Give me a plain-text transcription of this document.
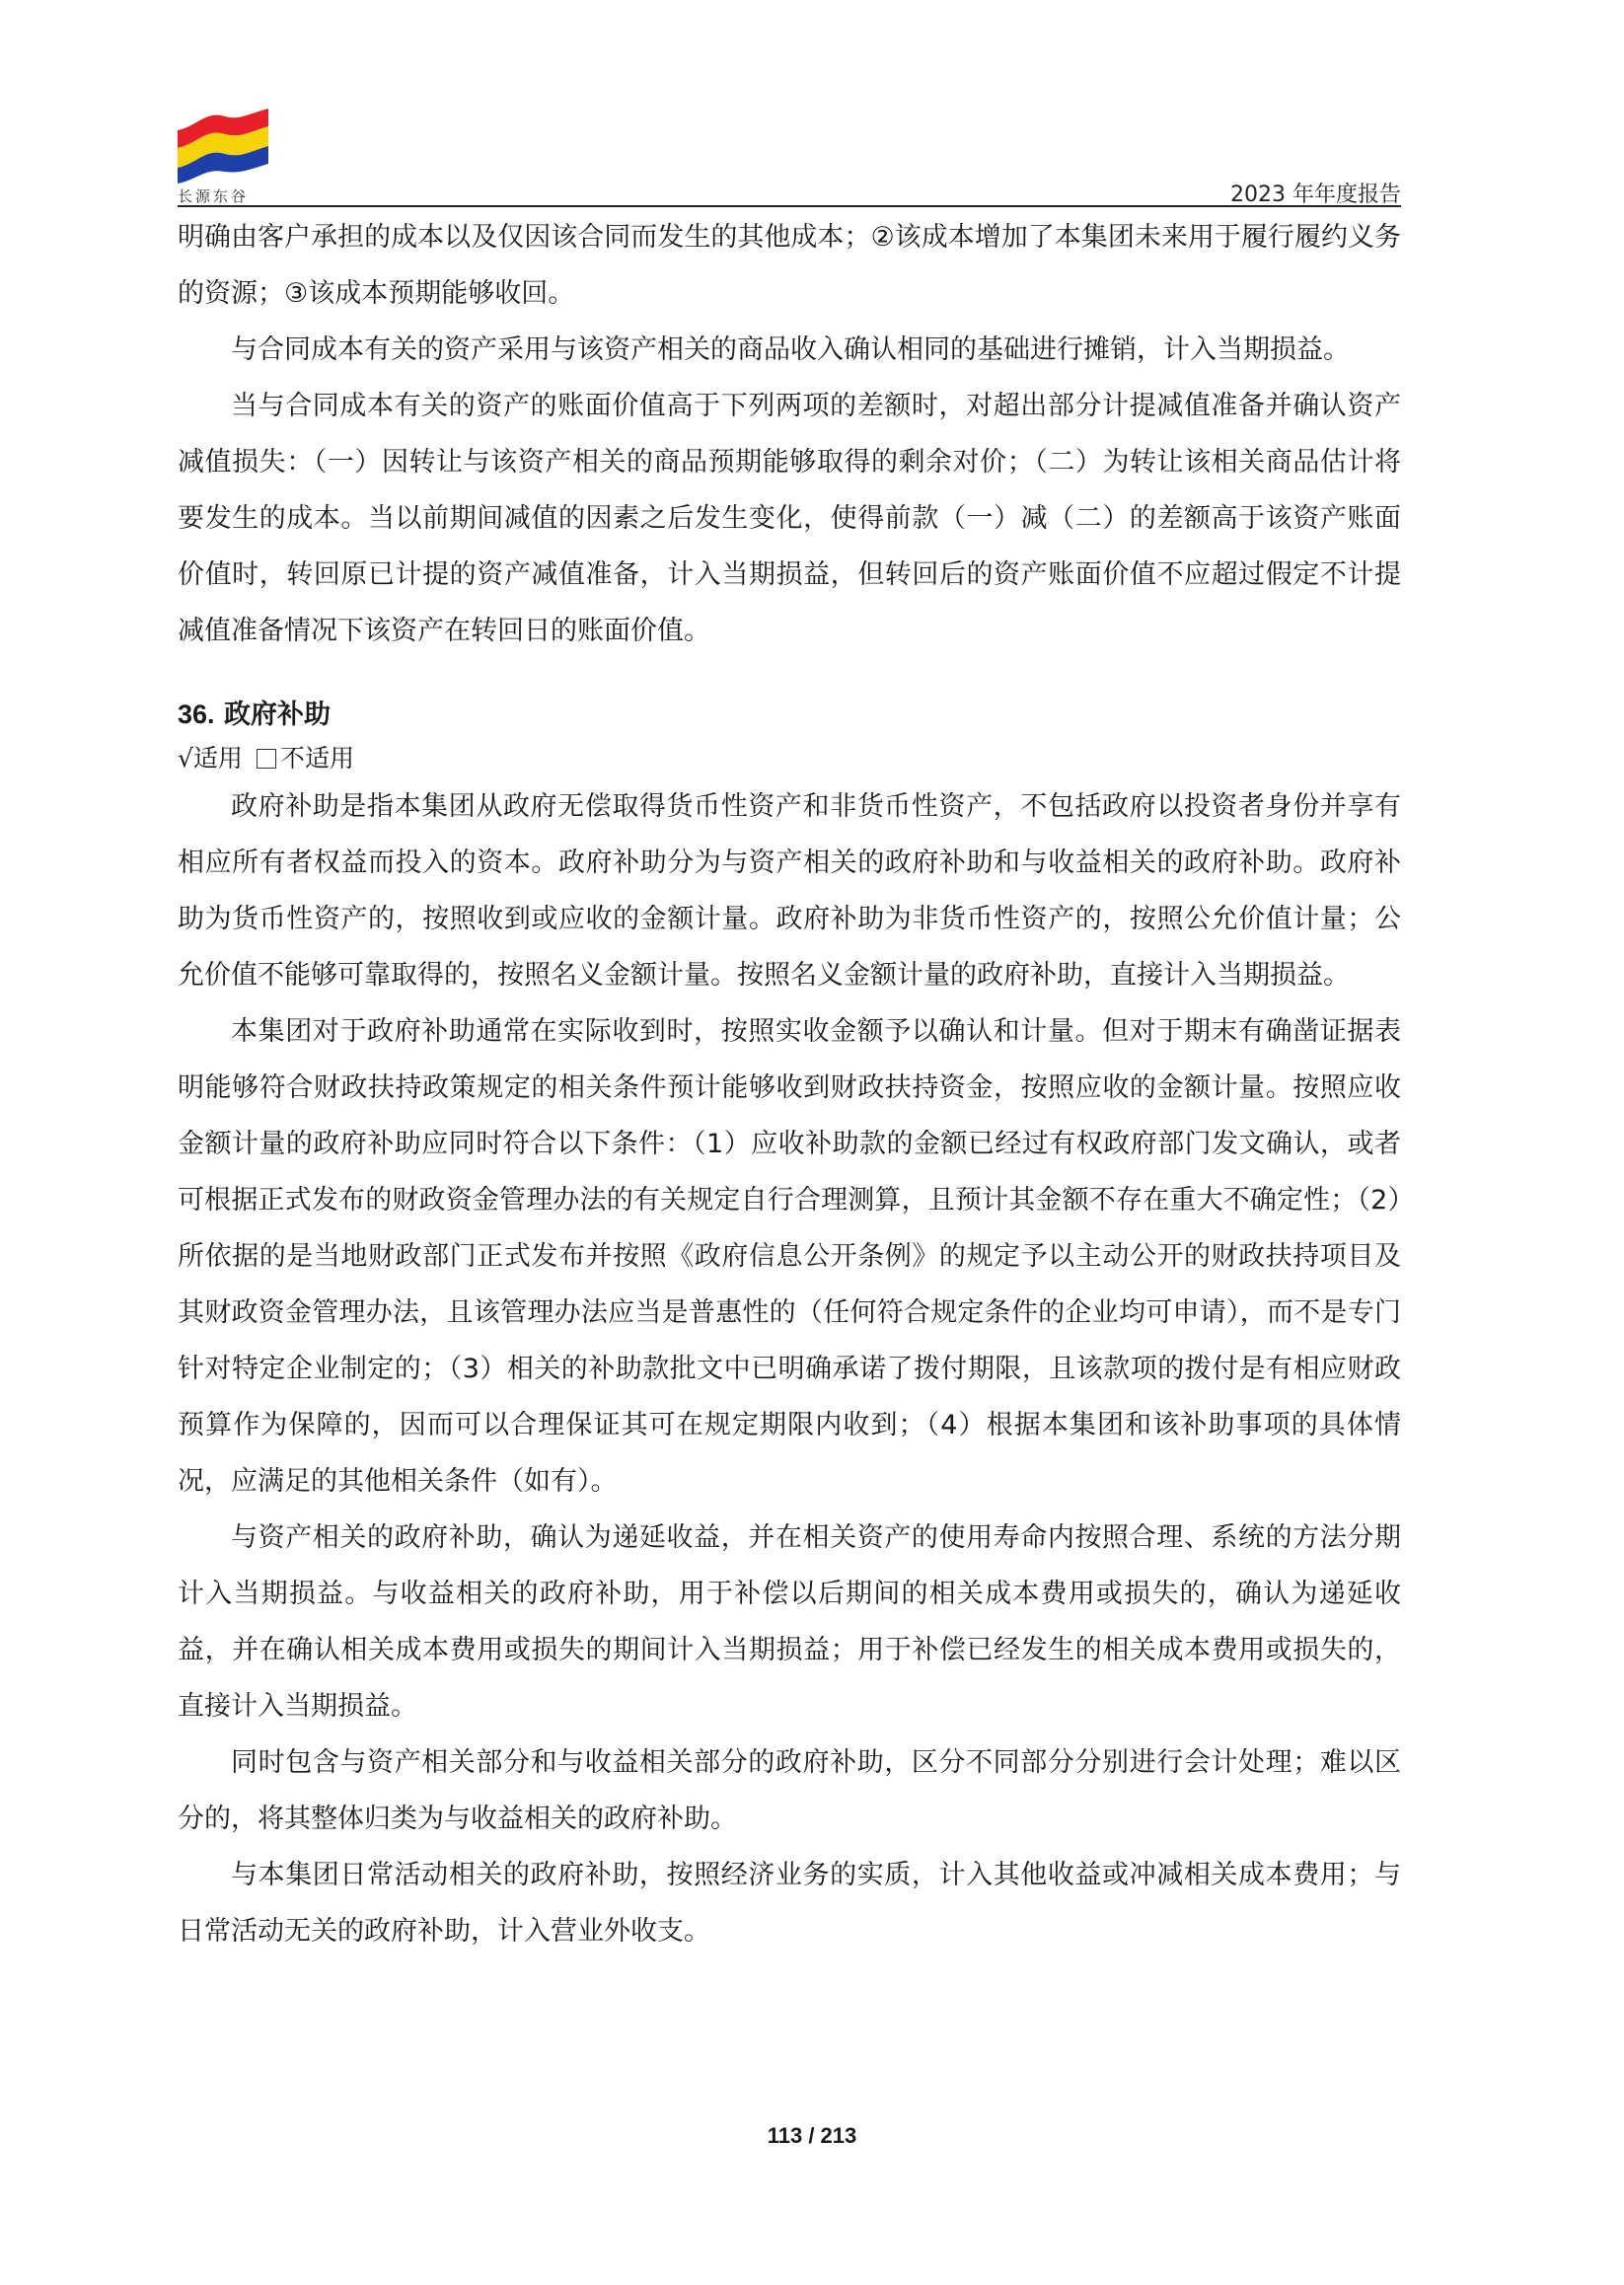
长源东谷	2023 年年度报告

明确由客户承担的成本以及仅因该合同而发生的其他成本；②该成本增加了本集团未来用于履行履约义务的资源；③该成本预期能够收回。

与合同成本有关的资产采用与该资产相关的商品收入确认相同的基础进行摊销，计入当期损益。

当与合同成本有关的资产的账面价值高于下列两项的差额时，对超出部分计提减值准备并确认资产减值损失：（一）因转让与该资产相关的商品预期能够取得的剩余对价；（二）为转让该相关商品估计将要发生的成本。当以前期间减值的因素之后发生变化，使得前款（一）减（二）的差额高于该资产账面价值时，转回原已计提的资产减值准备，计入当期损益，但转回后的资产账面价值不应超过假定不计提减值准备情况下该资产在转回日的账面价值。

36. 政府补助

√适用 不适用

政府补助是指本集团从政府无偿取得货币性资产和非货币性资产，不包括政府以投资者身份并享有相应所有者权益而投入的资本。政府补助分为与资产相关的政府补助和与收益相关的政府补助。政府补助为货币性资产的，按照收到或应收的金额计量。政府补助为非货币性资产的，按照公允价值计量；公允价值不能够可靠取得的，按照名义金额计量。按照名义金额计量的政府补助，直接计入当期损益。

本集团对于政府补助通常在实际收到时，按照实收金额予以确认和计量。但对于期末有确凿证据表明能够符合财政扶持政策规定的相关条件预计能够收到财政扶持资金，按照应收的金额计量。按照应收金额计量的政府补助应同时符合以下条件：（1）应收补助款的金额已经过有权政府部门发文确认，或者可根据正式发布的财政资金管理办法的有关规定自行合理测算，且预计其金额不存在重大不确定性；（2）所依据的是当地财政部门正式发布并按照《政府信息公开条例》的规定予以主动公开的财政扶持项目及其财政资金管理办法，且该管理办法应当是普惠性的（任何符合规定条件的企业均可申请），而不是专门针对特定企业制定的；（3）相关的补助款批文中已明确承诺了拨付期限，且该款项的拨付是有相应财政预算作为保障的，因而可以合理保证其可在规定期限内收到；（4）根据本集团和该补助事项的具体情况，应满足的其他相关条件（如有）。

与资产相关的政府补助，确认为递延收益，并在相关资产的使用寿命内按照合理、系统的方法分期计入当期损益。与收益相关的政府补助，用于补偿以后期间的相关成本费用或损失的，确认为递延收益，并在确认相关成本费用或损失的期间计入当期损益；用于补偿已经发生的相关成本费用或损失的，直接计入当期损益。

同时包含与资产相关部分和与收益相关部分的政府补助，区分不同部分分别进行会计处理；难以区分的，将其整体归类为与收益相关的政府补助。

与本集团日常活动相关的政府补助，按照经济业务的实质，计入其他收益或冲减相关成本费用；与日常活动无关的政府补助，计入营业外收支。

113 / 213
